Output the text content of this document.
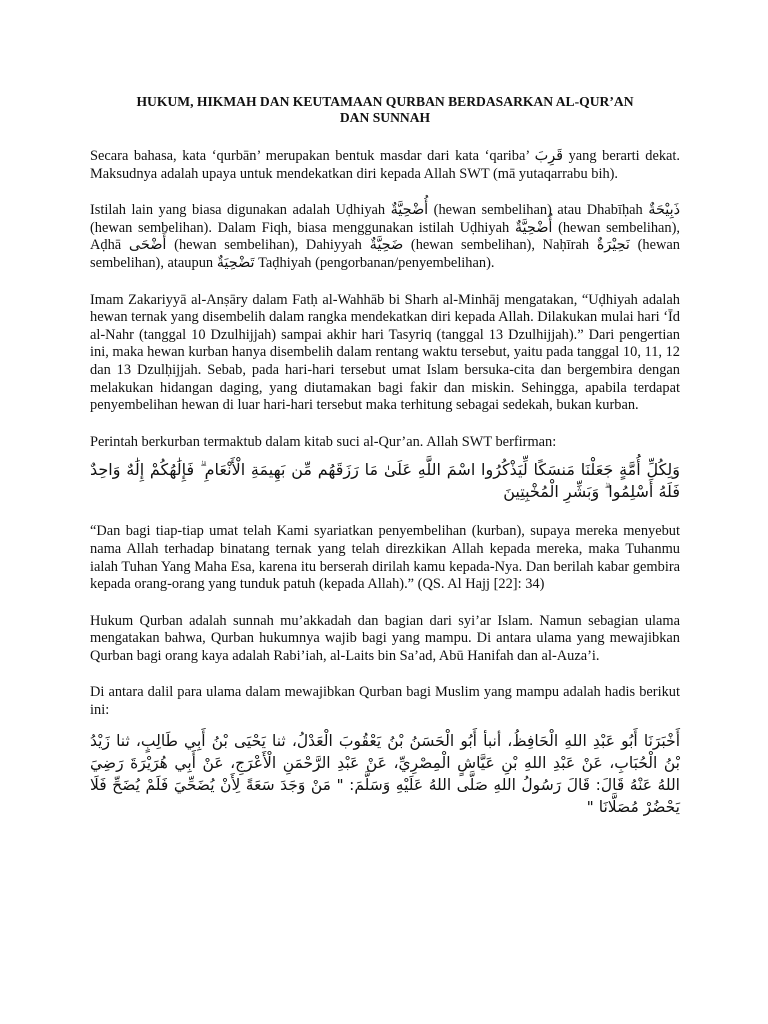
HUKUM, HIKMAH DAN KEUTAMAAN QURBAN BERDASARKAN AL-QUR’AN
DAN SUNNAH

Secara bahasa, kata ‘qurbān’ merupakan bentuk masdar dari kata ‘qariba’ قَرِبَ yang berarti dekat. Maksudnya adalah upaya untuk mendekatkan diri kepada Allah SWT (mā yutaqarrabu bih).

Istilah lain yang biasa digunakan adalah Uḍhiyah أُضْحِيَّةٌ (hewan sembelihan) atau Dhabīḥah ذَبِيْحَةٌ (hewan sembelihan). Dalam Fiqh, biasa menggunakan istilah Uḍhiyah أُضْحِيَّةٌ (hewan sembelihan), Aḍhā أَضْحَى (hewan sembelihan), Dahiyyah ضَحِيَّةٌ (hewan sembelihan), Naḥīrah نَحِيْرَةٌ (hewan sembelihan), ataupun تَضْحِيَةٌ Taḍhiyah (pengorbanan/penyembelihan).

Imam Zakariyyā al-Anṣāry dalam Fatḥ al-Wahhāb bi Sharh al-Minhāj mengatakan, “Uḍhiyah adalah hewan ternak yang disembelih dalam rangka mendekatkan diri kepada Allah. Dilakukan mulai hari ‘Īd al-Nahr (tanggal 10 Dzulhijjah) sampai akhir hari Tasyriq (tanggal 13 Dzulhijjah).” Dari pengertian ini, maka hewan kurban hanya disembelih dalam rentang waktu tersebut, yaitu pada tanggal 10, 11, 12 dan 13 Dzulḥijjah. Sebab, pada hari-hari tersebut umat Islam bersuka-cita dan bergembira dengan melakukan hidangan daging, yang diutamakan bagi fakir dan miskin. Sehingga, apabila terdapat penyembelihan hewan di luar hari-hari tersebut maka terhitung sebagai sedekah, bukan kurban.

Perintah berkurban termaktub dalam kitab suci al-Qur’an. Allah SWT berfirman:

وَلِكُلِّ أُمَّةٍ جَعَلْنَا مَنسَكًا لِّيَذْكُرُوا اسْمَ اللَّهِ عَلَىٰ مَا رَزَقَهُم مِّن بَهِيمَةِ الْأَنْعَامِ ۗ فَإِلَٰهُكُمْ إِلَٰهٌ وَاحِدٌ فَلَهُ أَسْلِمُوا ۗ وَبَشِّرِ الْمُخْبِتِينَ

“Dan bagi tiap-tiap umat telah Kami syariatkan penyembelihan (kurban), supaya mereka menyebut nama Allah terhadap binatang ternak yang telah direzkikan Allah kepada mereka, maka Tuhanmu ialah Tuhan Yang Maha Esa, karena itu berserah dirilah kamu kepada-Nya. Dan berilah kabar gembira kepada orang-orang yang tunduk patuh (kepada Allah).” (QS. Al Hajj [22]: 34)

Hukum Qurban adalah sunnah mu’akkadah dan bagian dari syi’ar Islam. Namun sebagian ulama mengatakan bahwa, Qurban hukumnya wajib bagi yang mampu. Di antara ulama yang mewajibkan Qurban bagi orang kaya adalah Rabi’iah, al-Laits bin Sa’ad, Abū Hanifah dan al-Auza’i.

Di antara dalil para ulama dalam mewajibkan Qurban bagi Muslim yang mampu adalah hadis berikut ini:

أَخْبَرَنَا أَبُو عَبْدِ اللهِ الْحَافِظُ، أنبأ أَبُو الْحَسَنُ بْنُ يَعْقُوبَ الْعَدْلُ، ثنا يَحْيَى بْنُ أَبِي طَالِبٍ، ثنا زَيْدُ بْنُ الْحُبَابِ، عَنْ عَبْدِ اللهِ بْنِ عَيَّاشٍ الْمِصْرِيِّ، عَنْ عَبْدِ الرَّحْمَنِ الْأَعْرَجِ، عَنْ أَبِي هُرَيْرَةَ رَضِيَ اللهُ عَنْهُ قَالَ: قَالَ رَسُولُ اللهِ صَلَّى اللهُ عَلَيْهِ وَسَلَّمَ: " مَنْ وَجَدَ سَعَةً لِأَنْ يُضَحِّيَ فَلَمْ يُضَحِّ فَلَا يَحْضُرْ مُصَلَّانَا "
